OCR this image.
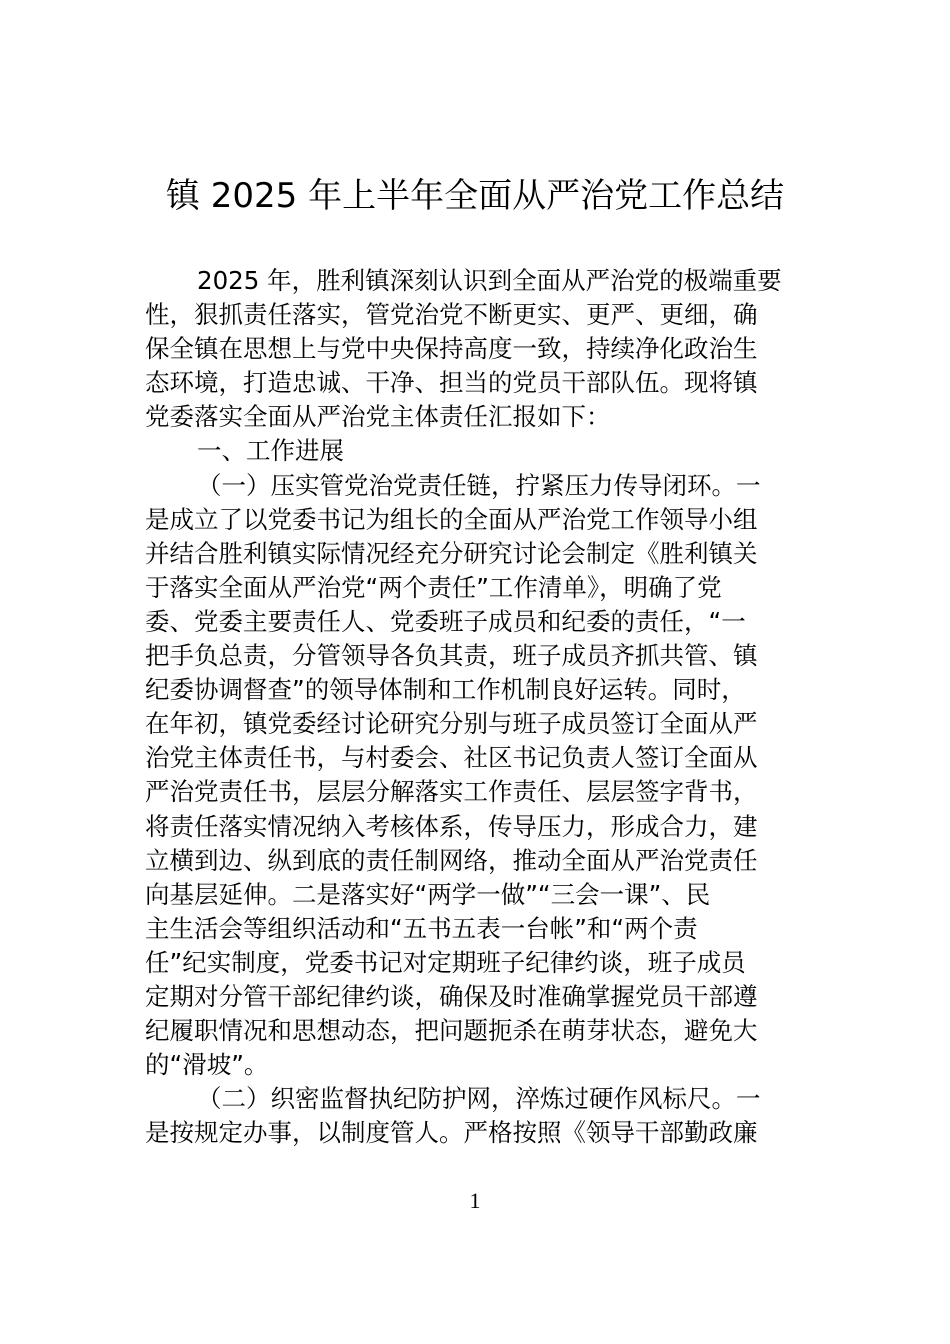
镇 2025 年上半年全面从严治党工作总结
2025 年，胜利镇深刻认识到全面从严治党的极端重要
性，狠抓责任落实，管党治党不断更实、更严、更细，确
保全镇在思想上与党中央保持高度一致，持续净化政治生
态环境，打造忠诚、干净、担当的党员干部队伍。现将镇
党委落实全面从严治党主体责任汇报如下：
一、工作进展
（一）压实管党治党责任链，拧紧压力传导闭环。一
是成立了以党委书记为组长的全面从严治党工作领导小组
并结合胜利镇实际情况经充分研究讨论会制定《胜利镇关
于落实全面从严治党“两个责任”工作清单》，明确了党
委、党委主要责任人、党委班子成员和纪委的责任，“一
把手负总责，分管领导各负其责，班子成员齐抓共管、镇
纪委协调督查”的领导体制和工作机制良好运转。同时，
在年初，镇党委经讨论研究分别与班子成员签订全面从严
治党主体责任书，与村委会、社区书记负责人签订全面从
严治党责任书，层层分解落实工作责任、层层签字背书，
将责任落实情况纳入考核体系，传导压力，形成合力，建
立横到边、纵到底的责任制网络，推动全面从严治党责任
向基层延伸。二是落实好“两学一做”“三会一课”、民
主生活会等组织活动和“五书五表一台帐”和“两个责
任”纪实制度，党委书记对定期班子纪律约谈，班子成员
定期对分管干部纪律约谈，确保及时准确掌握党员干部遵
纪履职情况和思想动态，把问题扼杀在萌芽状态，避免大
的“滑坡”。
（二）织密监督执纪防护网，淬炼过硬作风标尺。一
是按规定办事，以制度管人。严格按照《领导干部勤政廉
1
